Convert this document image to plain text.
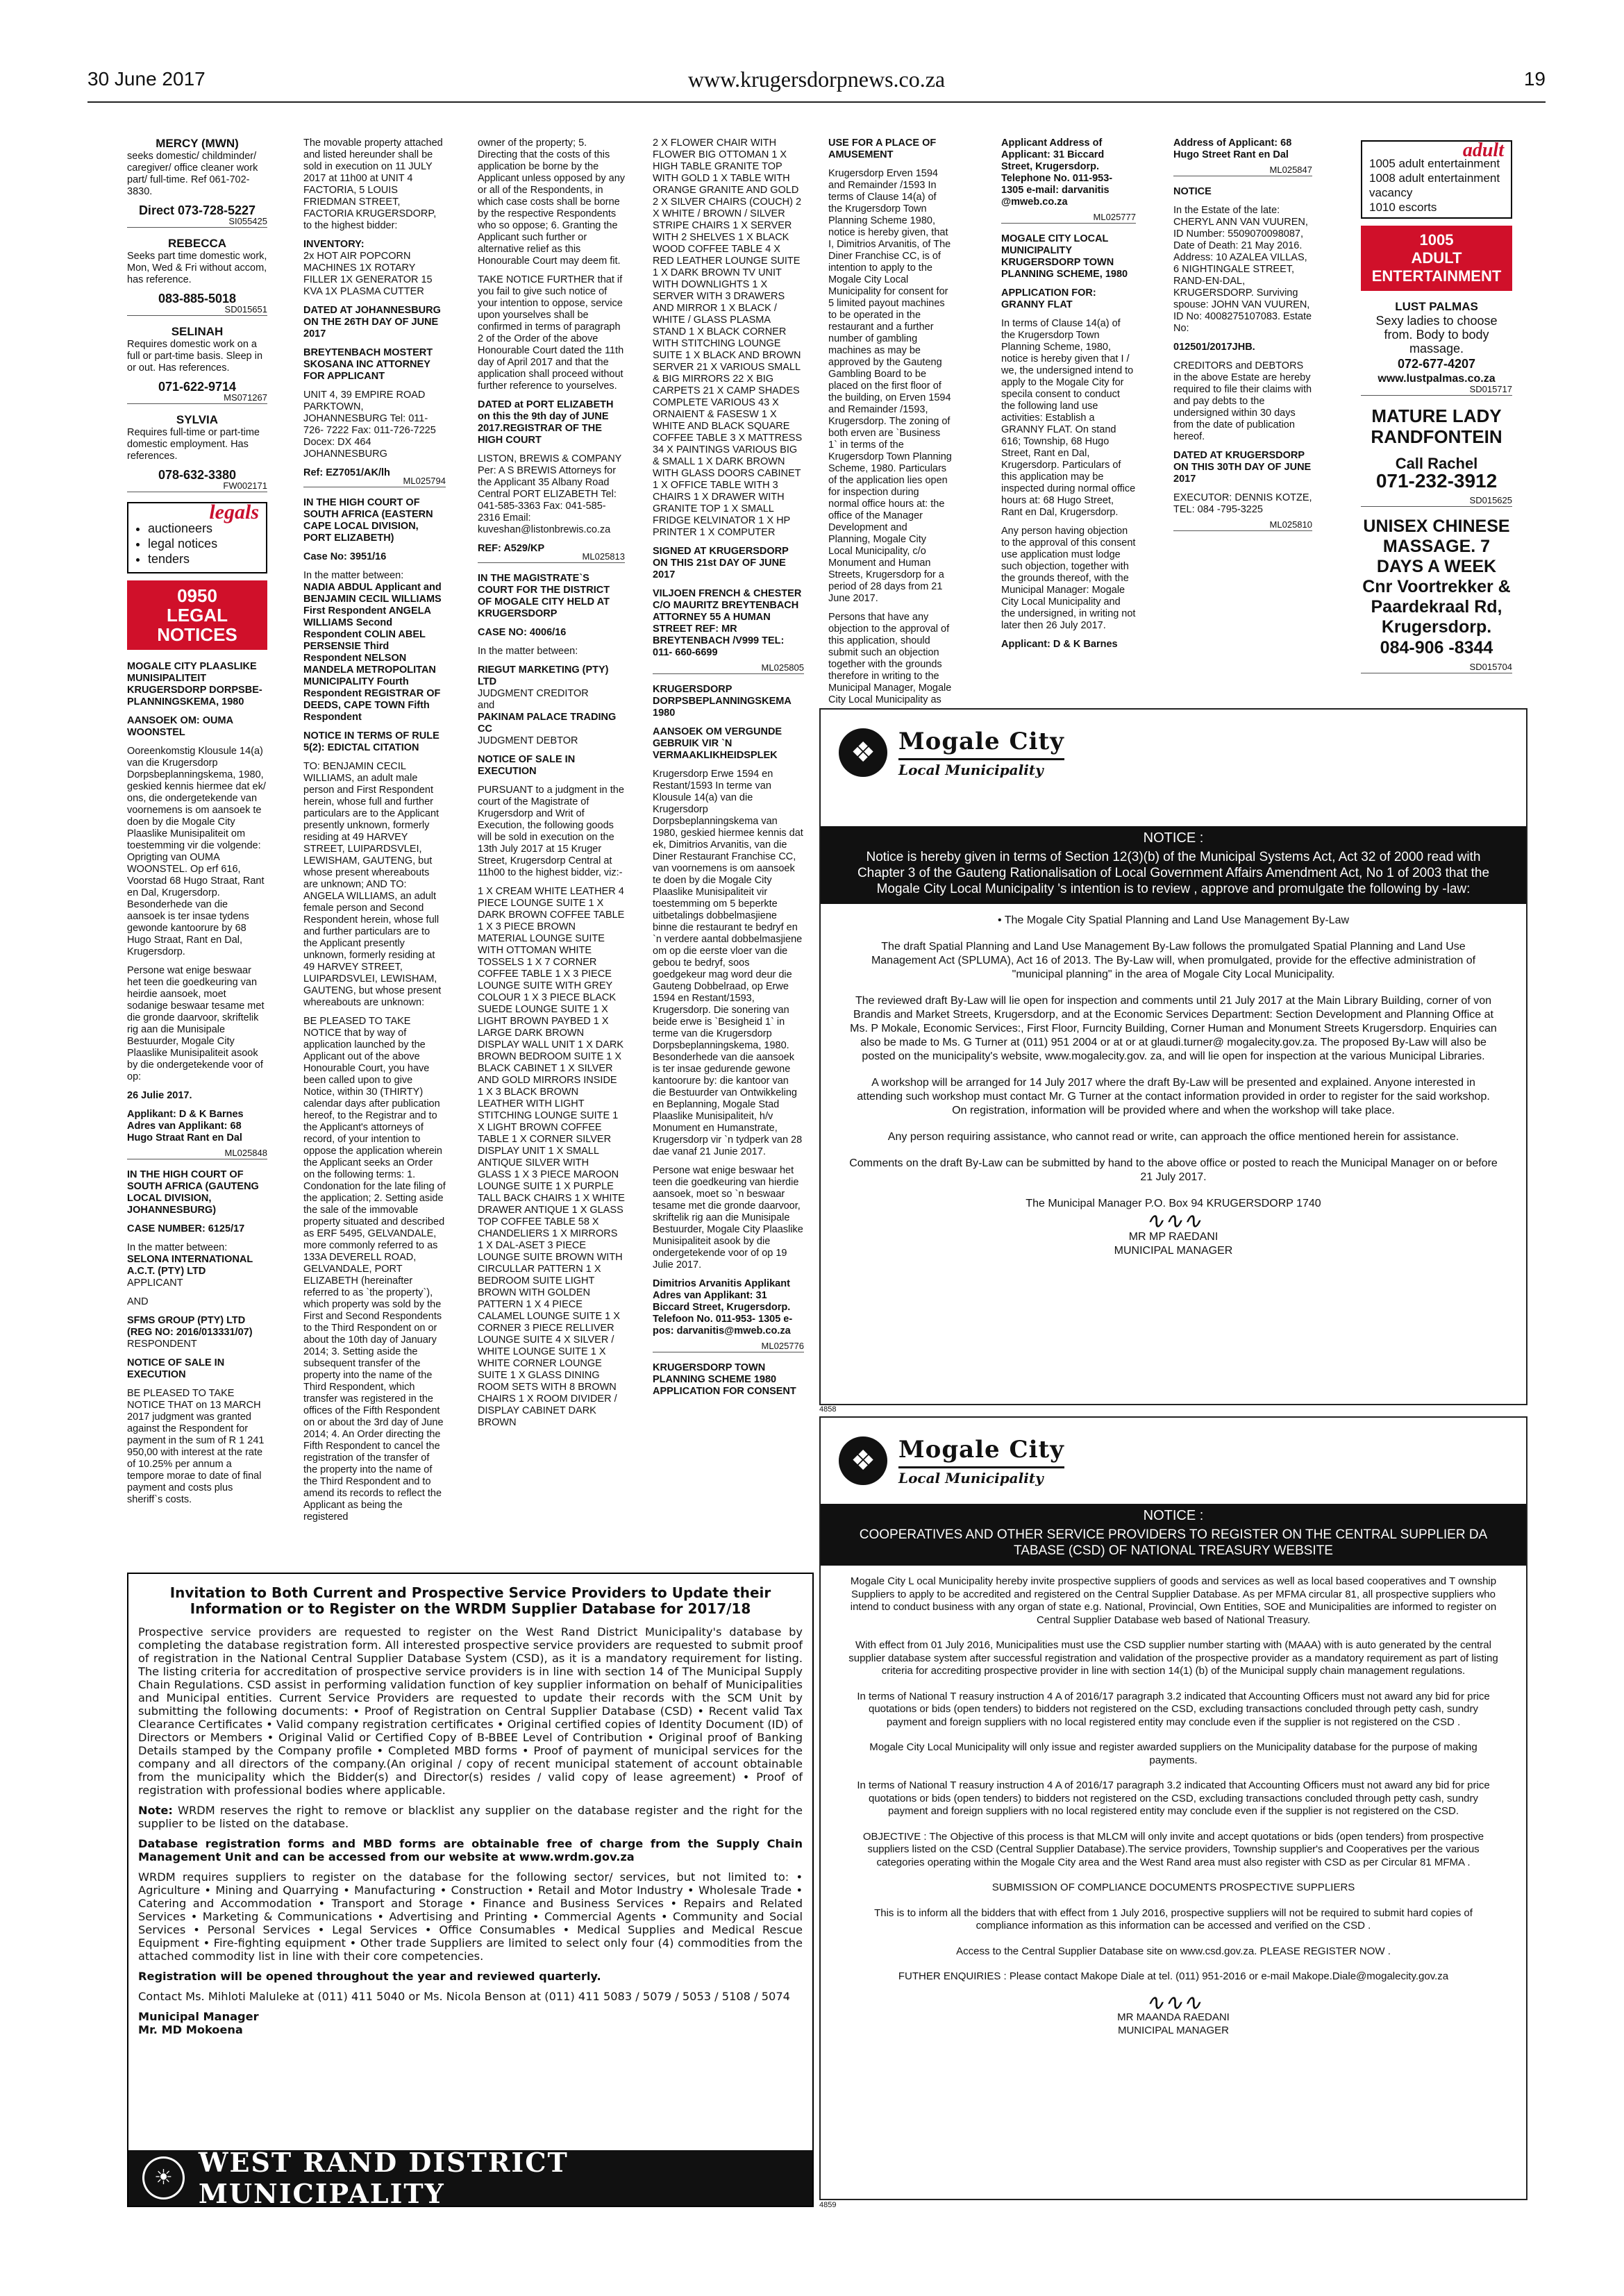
30 June 2017	www.krugersdorpnews.co.za	19
MERCY (MWN)

seeks domestic/ childminder/ caregiver/ office cleaner work part/ full-time. Ref 061-702-3830.

Direct 073-728-5227
SI055425
REBECCA

Seeks part time domestic work, Mon, Wed & Fri without accom, has reference.

083-885-5018
SD015651
SELINAH

Requires domestic work on a full or part-time basis. Sleep in or out. Has references.

071-622-9714
MS071267
SYLVIA

Requires full-time or part-time domestic employment. Has references.

078-632-3380
FW002171
legals
• auctioneers
• legal notices
• tenders
0950
LEGAL NOTICES

MOGALE CITY PLAASLIKE MUNISIPALITEIT KRUGERSDORP DORPSBE-PLANNINGSKEMA, 1980

AANSOEK OM: OUMA WOONSTEL

Ooreenkomstig Klousule 14(a) van die Krugersdorp Dorpsbeplanningskema, 1980, geskied kennis hiermee dat ek/ ons, die ondergetekende van voornemens is om aansoek te doen by die Mogale City Plaaslike Munisipaliteit om toestemming vir die volgende: Oprigting van OUMA WOONSTEL. Op erf 616, Voorstad 68 Hugo Straat, Rant en Dal, Krugersdorp. Besonderhede van die aansoek is ter insae tydens gewonde kantoorure by 68 Hugo Straat, Rant en Dal, Krugersdorp.

Persone wat enige beswaar het teen die goedkeuring van heirdie aansoek, moet sodanige beswaar tesame met die gronde daarvoor, skriftelik rig aan die Munisipale Bestuurder, Mogale City Plaaslike Munisipaliteit asook by die ondergetekende voor of op:

26 Julie 2017.

Applikant: D & K Barnes

Adres van Applikant: 68 Hugo Straat Rant en Dal

ML025848

IN THE HIGH COURT OF SOUTH AFRICA (GAUTENG LOCAL DIVISION, JOHANNESBURG)

CASE NUMBER: 6125/17

In the matter between:

SELONA INTERNATIONAL A.C.T. (PTY) LTD

APPLICANT

AND

SFMS GROUP (PTY) LTD (REG NO: 2016/013331/07)

RESPONDENT

NOTICE OF SALE IN EXECUTION

BE PLEASED TO TAKE NOTICE THAT on 13 MARCH 2017 judgment was granted against the Respondent for payment in the sum of R 1 241 950,00 with interest at the rate of 10.25% per annum a tempore morae to date of final payment and costs plus sheriff`s costs.

The movable property attached and listed hereunder shall be sold in execution on 11 JULY 2017 at 11h00 at UNIT 4 FACTORIA, 5 LOUIS FRIEDMAN STREET, FACTORIA KRUGERSDORP, to the highest bidder:

INVENTORY:

2x HOT AIR POPCORN MACHINES 1X ROTARY FILLER 1X GENERATOR 15 KVA 1X PLASMA CUTTER

DATED AT JOHANNESBURG ON THE 26TH DAY OF JUNE 2017

BREYTENBACH MOSTERT SKOSANA INC ATTORNEY FOR APPLICANT

UNIT 4, 39 EMPIRE ROAD PARKTOWN, JOHANNESBURG Tel: 011-726- 7222 Fax: 011-726-7225 Docex: DX 464 JOHANNESBURG

Ref: EZ7051/AK/lh

ML025794

IN THE HIGH COURT OF SOUTH AFRICA (EASTERN CAPE LOCAL DIVISION, PORT ELIZABETH)

Case No: 3951/16

In the matter between:

NADIA ABDUL Applicant and BENJAMIN CECIL WILLIAMS First Respondent ANGELA WILLIAMS Second Respondent COLIN ABEL PERSENSIE Third Respondent NELSON MANDELA METROPOLITAN MUNICIPALITY Fourth Respondent REGISTRAR OF DEEDS, CAPE TOWN Fifth Respondent

NOTICE IN TERMS OF RULE 5(2): EDICTAL CITATION

TO: BENJAMIN CECIL WILLIAMS, an adult male person and First Respondent herein, whose full and further particulars are to the Applicant presently unknown, formerly residing at 49 HARVEY STREET, LUIPARDSVLEI, LEWISHAM, GAUTENG, but whose present whereabouts are unknown; AND TO: ANGELA WILLIAMS, an adult female person and Second Respondent herein, whose full and further particulars are to the Applicant presently unknown, formerly residing at 49 HARVEY STREET, LUIPARDSVLEI, LEWISHAM, GAUTENG, but whose present whereabouts are unknown:

BE PLEASED TO TAKE NOTICE that by way of application launched by the Applicant out of the above Honourable Court, you have been called upon to give Notice, within 30 (THIRTY) calendar days after publication hereof, to the Registrar and to the Applicant's attorneys of record, of your intention to oppose the application wherein the Applicant seeks an Order on the following terms: 1. Condonation for the late filing of the application; 2. Setting aside the sale of the immovable property situated and described as ERF 5495, GELVANDALE, more commonly referred to as 133A DEVERELL ROAD, GELVANDALE, PORT ELIZABETH (hereinafter referred to as `the property`), which property was sold by the First and Second Respondents to the Third Respondent on or about the 10th day of January 2014; 3. Setting aside the subsequent transfer of the property into the name of the Third Respondent, which transfer was registered in the offices of the Fifth Respondent on or about the 3rd day of June 2014; 4. An Order directing the Fifth Respondent to cancel the registration of the transfer of the property into the name of the Third Respondent and to amend its records to reflect the Applicant as being the registered

owner of the property; 5. Directing that the costs of this application be borne by the Applicant unless opposed by any or all of the Respondents, in which case costs shall be borne by the respective Respondents who so oppose; 6. Granting the Applicant such further or alternative relief as this Honourable Court may deem fit.

TAKE NOTICE FURTHER that if you fail to give such notice of your intention to oppose, service upon yourselves shall be confirmed in terms of paragraph 2 of the Order of the above Honourable Court dated the 11th day of April 2017 and that the application shall proceed without further reference to yourselves.

DATED at PORT ELIZABETH on this the 9th day of JUNE 2017.REGISTRAR OF THE HIGH COURT

LISTON, BREWIS & COMPANY Per: A S BREWIS Attorneys for the Applicant 35 Albany Road Central PORT ELIZABETH Tel: 041-585-3363 Fax: 041-585-2316 Email: kuveshan@listonbrewis.co.za

REF: A529/KP

ML025813

IN THE MAGISTRATE`S COURT FOR THE DISTRICT OF MOGALE CITY HELD AT KRUGERSDORP

CASE NO: 4006/16

In the matter between:

RIEGUT MARKETING (PTY) LTD

JUDGMENT CREDITOR

and

PAKINAM PALACE TRADING CC

JUDGMENT DEBTOR

NOTICE OF SALE IN EXECUTION

PURSUANT to a judgment in the court of the Magistrate of Krugersdorp and Writ of Execution, the following goods will be sold in execution on the 13th July 2017 at 15 Kruger Street, Krugersdorp Central at 11h00 to the highest bidder, viz:-

1 X CREAM WHITE LEATHER 4 PIECE LOUNGE SUITE 1 X DARK BROWN COFFEE TABLE 1 X 3 PIECE BROWN MATERIAL LOUNGE SUITE WITH OTTOMAN WHITE TOSSELS 1 X 7 CORNER COFFEE TABLE 1 X 3 PIECE LOUNGE SUITE WITH GREY COLOUR 1 X 3 PIECE BLACK SUEDE LOUNGE SUITE 1 X LIGHT BROWN PAYBED 1 X LARGE DARK BROWN DISPLAY WALL UNIT 1 X DARK BROWN BEDROOM SUITE 1 X BLACK CABINET 1 X SILVER AND GOLD MIRRORS INSIDE 1 X 3 BLACK BROWN LEATHER WITH LIGHT STITCHING LOUNGE SUITE 1 X LIGHT BROWN COFFEE TABLE 1 X CORNER SILVER DISPLAY UNIT 1 X SMALL ANTIQUE SILVER WITH GLASS 1 X 3 PIECE MAROON LOUNGE SUITE 1 X PURPLE TALL BACK CHAIRS 1 X WHITE DRAWER ANTIQUE 1 X GLASS TOP COFFEE TABLE 58 X CHANDELIERS 1 X MIRRORS 1 X DAL-ASET 3 PIECE LOUNGE SUITE BROWN WITH CIRCULLAR PATTERN 1 X BEDROOM SUITE LIGHT BROWN WITH GOLDEN PATTERN 1 X 4 PIECE CALAMEL LOUNGE SUITE 1 X CORNER 3 PIECE RELLIVER LOUNGE SUITE 4 X SILVER / WHITE LOUNGE SUITE 1 X WHITE CORNER LOUNGE SUITE 1 X GLASS DINING ROOM SETS WITH 8 BROWN CHAIRS 1 X ROOM DIVIDER / DISPLAY CABINET DARK BROWN

2 X FLOWER CHAIR WITH FLOWER BIG OTTOMAN 1 X HIGH TABLE GRANITE TOP WITH GOLD 1 X TABLE WITH ORANGE GRANITE AND GOLD 2 X SILVER CHAIRS (COUCH) 2 X WHITE / BROWN / SILVER STRIPE CHAIRS 1 X SERVER WITH 2 SHELVES 1 X BLACK WOOD COFFEE TABLE 4 X RED LEATHER LOUNGE SUITE 1 X DARK BROWN TV UNIT WITH DOWNLIGHTS 1 X SERVER WITH 3 DRAWERS AND MIRROR 1 X BLACK / WHITE / GLASS PLASMA STAND 1 X BLACK CORNER WITH STITCHING LOUNGE SUITE 1 X BLACK AND BROWN SERVER 21 X VARIOUS SMALL & BIG MIRRORS 22 X BIG CARPETS 21 X CAMP SHADES COMPLETE VARIOUS 43 X ORNAIENT & FASESW 1 X WHITE AND BLACK SQUARE COFFEE TABLE 3 X MATTRESS 34 X PAINTINGS VARIOUS BIG & SMALL 1 X DARK BROWN WITH GLASS DOORS CABINET 1 X OFFICE TABLE WITH 3 CHAIRS 1 X DRAWER WITH GRANITE TOP 1 X SMALL FRIDGE KELVINATOR 1 X HP PRINTER 1 X COMPUTER

SIGNED AT KRUGERSDORP ON THIS 21st DAY OF JUNE 2017

VILJOEN FRENCH & CHESTER C/O MAURITZ BREYTENBACH ATTORNEY 55 A HUMAN STREET REF: MR BREYTENBACH /V999 TEL: 011- 660-6699

ML025805

KRUGERSDORP DORPSBEPLANNINGSKEMA 1980

AANSOEK OM VERGUNDE GEBRUIK VIR `N VERMAAKLIKHEIDSPLEK

Krugersdorp Erwe 1594 en Restant/1593 In terme van Klousule 14(a) van die Krugersdorp Dorpsbeplanningskema van 1980, geskied hiermee kennis dat ek, Dimitrios Arvanitis, van die Diner Restaurant Franchise CC, van voornemens is om aansoek te doen by die Mogale City Plaaslike Munisipaliteit vir toestemming om 5 beperkte uitbetalings dobbelmasjiene binne die restaurant te bedryf en `n verdere aantal dobbelmasjiene om op die eerste vloer van die gebou te bedryf, soos goedgekeur mag word deur die Gauteng Dobbelraad, op Erwe 1594 en Restant/1593, Krugersdorp. Die sonering van beide erwe is `Besigheid 1` in terme van die Krugersdorp Dorpsbeplanningskema, 1980. Besonderhede van die aansoek is ter insae gedurende gewone kantoorure by: die kantoor van die Bestuurder van Ontwikkeling en Beplanning, Mogale Stad Plaaslike Munisipaliteit, h/v Monument en Humanstrate, Krugersdorp vir `n tydperk van 28 dae vanaf 21 Junie 2017.

Persone wat enige beswaar het teen die goedkeuring van hierdie aansoek, moet so `n beswaar tesame met die gronde daarvoor, skriftelik rig aan die Munisipale Bestuurder, Mogale City Plaaslike Munisipaliteit asook by die ondergetekende voor of op 19 Julie 2017.

Dimitrios Arvanitis Applikant Adres van Applikant: 31 Biccard Street, Krugersdorp. Telefoon No. 011-953- 1305 e-pos: darvanitis@mweb.co.za

ML025776

KRUGERSDORP TOWN PLANNING SCHEME 1980 APPLICATION FOR CONSENT

USE FOR A PLACE OF AMUSEMENT

Krugersdorp Erven 1594 and Remainder /1593 In terms of Clause 14(a) of the Krugersdorp Town Planning Scheme 1980, notice is hereby given, that I, Dimitrios Arvanitis, of The Diner Franchise CC, is of intention to apply to the Mogale City Local Municipality for consent for 5 limited payout machines to be operated in the restaurant and a further number of gambling machines as may be approved by the Gauteng Gambling Board to be placed on the first floor of the building, on Erven 1594 and Remainder /1593, Krugersdorp. The zoning of both erven are `Business 1` in terms of the Krugersdorp Town Planning Scheme, 1980. Particulars of the application lies open for inspection during normal office hours at: the office of the Manager Development and Planning, Mogale City Local Municipality, c/o Monument and Human Streets, Krugersdorp for a period of 28 days from 21 June 2017.

Persons that have any objection to the approval of this application, should submit such an objection together with the grounds therefore in writing to the Municipal Manager, Mogale City Local Municipality as

Applicant Address of Applicant: 31 Biccard Street, Krugersdorp. Telephone No. 011-953- 1305 e-mail: darvanitis @mweb.co.za

ML025777

MOGALE CITY LOCAL MUNICIPALITY KRUGERSDORP TOWN PLANNING SCHEME, 1980

APPLICATION FOR: GRANNY FLAT

In terms of Clause 14(a) of the Krugersdorp Town Planning Scheme, 1980, notice is hereby given that I / we, the undersigned intend to apply to the Mogale City for specila consent to conduct the following land use activities: Establish a GRANNY FLAT. On stand 616; Township, 68 Hugo Street, Rant en Dal, Krugersdorp. Particulars of this application may be inspected during normal office hours at: 68 Hugo Street, Rant en Dal, Krugersdorp.

Any person having objection to the approval of this consent use application must lodge such objection, together with the grounds thereof, with the Municipal Manager: Mogale City Local Municipality and the undersigned, in writing not later then 26 July 2017.

Applicant: D & K Barnes

Address of Applicant: 68 Hugo Street Rant en Dal

ML025847

NOTICE

In the Estate of the late: CHERYL ANN VAN VUUREN, ID Number: 5509070098087, Date of Death: 21 May 2016. Address: 10 AZALEA VILLAS, 6 NIGHTINGALE STREET, RAND-EN-DAL, KRUGERSDORP. Surviving spouse: JOHN VAN VUUREN, ID No: 4008275107083. Estate No:

012501/2017JHB.

CREDITORS and DEBTORS in the above Estate are hereby required to file their claims with and pay debts to the undersigned within 30 days from the date of publication hereof.

DATED AT KRUGERSDORP ON THIS 30TH DAY OF JUNE 2017

EXECUTOR: DENNIS KOTZE, TEL: 084 -795-3225

ML025810
adult
1005 adult entertainment
1008 adult entertainment vacancy
1010 escorts
1005
ADULT ENTERTAINMENT
LUST PALMAS
Sexy ladies to choose from. Body to body massage.
072-677-4207
www.lustpalmas.co.za
SD015717
MATURE LADY RANDFONTEIN
Call Rachel
071-232-3912
SD015625
UNISEX CHINESE MASSAGE. 7 DAYS A WEEK Cnr Voortrekker & Paardekraal Rd, Krugersdorp.
084-906 -8344
SD015704
❖ Mogale City
Local Municipality
NOTICE :
Notice is hereby given in terms of Section 12(3)(b) of the Municipal Systems Act, Act 32 of 2000 read with Chapter 3 of the Gauteng Rationalisation of Local Government Affairs Amendment Act, No 1 of 2003 that the Mogale City Local Municipality 's intention is to review , approve and promulgate the following by -law:

• The Mogale City Spatial Planning and Land Use Management By-Law

The draft Spatial Planning and Land Use Management By-Law follows the promulgated Spatial Planning and Land Use Management Act (SPLUMA), Act 16 of 2013. The By-Law will, when promulgated, provide for the effective administration of "municipal planning" in the area of Mogale City Local Municipality.

The reviewed draft By-Law will lie open for inspection and comments until 21 July 2017 at the Main Library Building, corner of von Brandis and Market Streets, Krugersdorp, and at the Economic Services Department: Section Development and Planning Office at Ms. P Mokale, Economic Services:, First Floor, Furncity Building, Corner Human and Monument Streets Krugersdorp. Enquiries can also be made to Ms. G Turner at (011) 951 2004 or at or at glaudi.turner@ mogalecity.gov.za. The proposed By-Law will also be posted on the municipality's website, www.mogalecity.gov. za, and will lie open for inspection at the various Municipal Libraries.

A workshop will be arranged for 14 July 2017 where the draft By-Law will be presented and explained. Anyone interested in attending such workshop must contact Mr. G Turner at the contact information provided in order to register for the said workshop. On registration, information will be provided where and when the workshop will take place.

Any person requiring assistance, who cannot read or write, can approach the office mentioned herein for assistance.

Comments on the draft By-Law can be submitted by hand to the above office or posted to reach the Municipal Manager on or before 21 July 2017.

The Municipal Manager P.O. Box 94 KRUGERSDORP 1740

∿∿∿
MR MP RAEDANI
MUNICIPAL MANAGER
4858
❖ Mogale City
Local Municipality
NOTICE :
COOPERATIVES AND OTHER SERVICE PROVIDERS TO REGISTER ON THE CENTRAL SUPPLIER DA TABASE (CSD) OF NATIONAL TREASURY WEBSITE

Mogale City L ocal Municipality hereby invite prospective suppliers of goods and services as well as local based cooperatives and T ownship Suppliers to apply to be accredited and registered on the Central Supplier Database. As per MFMA circular 81, all prospective suppliers who intend to conduct business with any organ of state e.g. National, Provincial, Own Entities, SOE and Municipalities are informed to register on Central Supplier Database web based of National Treasury.

With effect from 01 July 2016, Municipalities must use the CSD supplier number starting with (MAAA) with is auto generated by the central supplier database system after successful registration and validation of the prospective provider as a mandatory requirement as part of listing criteria for accrediting prospective provider in line with section 14(1) (b) of the Municipal supply chain management regulations.

In terms of National T reasury instruction 4 A of 2016/17 paragraph 3.2 indicated that Accounting Officers must not award any bid for price quotations or bids (open tenders) to bidders not registered on the CSD, excluding transactions concluded through petty cash, sundry payment and foreign suppliers with no local registered entity may conclude even if the supplier is not registered on the CSD .

Mogale City Local Municipality will only issue and register awarded suppliers on the Municipality database for the purpose of making payments.

In terms of National T reasury instruction 4 A of 2016/17 paragraph 3.2 indicated that Accounting Officers must not award any bid for price quotations or bids (open tenders) to bidders not registered on the CSD, excluding transactions concluded through petty cash, sundry payment and foreign suppliers with no local registered entity may conclude even if the supplier is not registered on the CSD.

OBJECTIVE : The Objective of this process is that MLCM will only invite and accept quotations or bids (open tenders) from prospective suppliers listed on the CSD (Central Supplier Database).The service providers, Township supplier's and Cooperatives per the various categories operating within the Mogale City area and the West Rand area must also register with CSD as per Circular 81 MFMA .

SUBMISSION OF COMPLIANCE DOCUMENTS PROSPECTIVE SUPPLIERS

This is to inform all the bidders that with effect from 1 July 2016, prospective suppliers will not be required to submit hard copies of compliance information as this information can be accessed and verified on the CSD .

Access to the Central Supplier Database site on www.csd.gov.za. PLEASE REGISTER NOW .

FUTHER ENQUIRIES : Please contact Makope Diale at tel. (011) 951-2016 or e-mail Makope.Diale@mogalecity.gov.za

∿∿∿
MR MAANDA RAEDANI
MUNICIPAL MANAGER
4859
Invitation to Both Current and Prospective Service Providers to Update their Information or to Register on the WRDM Supplier Database for 2017/18

Prospective service providers are requested to register on the West Rand District Municipality's database by completing the database registration form. All interested prospective service providers are requested to submit proof of registration in the National Central Supplier Database System (CSD), as it is a mandatory requirement for listing. The listing criteria for accreditation of prospective service providers is in line with section 14 of The Municipal Supply Chain Regulations. CSD assist in performing validation function of key supplier information on behalf of Municipalities and Municipal entities. Current Service Providers are requested to update their records with the SCM Unit by submitting the following documents: • Proof of Registration on Central Supplier Database (CSD) • Recent valid Tax Clearance Certificates • Valid company registration certificates • Original certified copies of Identity Document (ID) of Directors or Members • Original Valid or Certified Copy of B-BBEE Level of Contribution • Original proof of Banking Details stamped by the Company profile • Completed MBD forms • Proof of payment of municipal services for the company and all directors of the company.(An original / copy of recent municipal statement of account obtainable from the municipality which the Bidder(s) and Director(s) resides / valid copy of lease agreement) • Proof of registration with professional bodies where applicable.

Note: WRDM reserves the right to remove or blacklist any supplier on the database register and the right for the supplier to be listed on the database.

Database registration forms and MBD forms are obtainable free of charge from the Supply Chain Management Unit and can be accessed from our website at www.wrdm.gov.za

WRDM requires suppliers to register on the database for the following sector/ services, but not limited to: • Agriculture • Mining and Quarrying • Manufacturing • Construction • Retail and Motor Industry • Wholesale Trade • Catering and Accommodation • Transport and Storage • Finance and Business Services • Repairs and Related Services • Marketing & Communications • Advertising and Printing • Commercial Agents • Community and Social Services • Personal Services • Legal Services • Office Consumables • Medical Supplies and Medical Rescue Equipment • Fire-fighting equipment • Other trade Suppliers are limited to select only four (4) commodities from the attached commodity list in line with their core competencies.

Registration will be opened throughout the year and reviewed quarterly.

Contact Ms. Mihloti Maluleke at (011) 411 5040 or Ms. Nicola Benson at (011) 411 5083 / 5079 / 5053 / 5108 / 5074

Municipal Manager

Mr. MD Mokoena

☀ WEST RAND DISTRICT MUNICIPALITY
